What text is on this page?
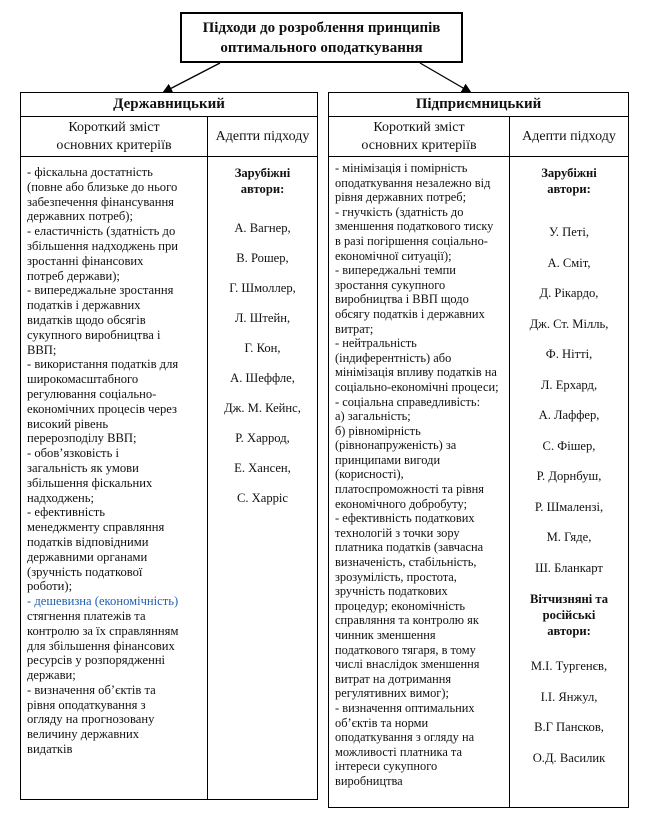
Підходи до розроблення принципів
оптимального оподаткування
Державницький
Короткий зміст
основних критеріїв
Адепти підходу
- фіскальна достатність
(повне або близьке до нього
забезпечення фінансування
державних потреб);
- еластичність (здатність до
збільшення надходжень при
зростанні фінансових
потреб держави);
- випереджальне зростання
податків і державних
видатків щодо обсягів
сукупного виробництва і
ВВП;
- використання податків для
широкомасштабного
регулювання соціально-
економічних процесів через
високий рівень
перерозподілу ВВП;
- обов’язковість і
загальність як умови
збільшення фіскальних
надходжень;
- ефективність
менеджменту справляння
податків відповідними
державними органами
(зручність податкової
роботи);
- дешевизна (економічність)
стягнення платежів та
контролю за їх справлянням
для збільшення фінансових
ресурсів у розпорядженні
держави;
- визначення об’єктів та
рівня оподаткування з
огляду на прогнозовану
величину державних
видатків
Зарубіжні
автори:
А. Вагнер,
В. Рошер,
Г. Шмоллер,
Л. Штейн,
Г. Кон,
А. Шеффле,
Дж. М. Кейнс,
Р. Харрод,
Е. Хансен,
С. Харріс
Підприємницький
Короткий зміст
основних критеріїв
Адепти підходу
- мінімізація і помірність
оподаткування незалежно від
рівня державних потреб;
- гнучкість (здатність до
зменшення податкового тиску
в разі погіршення соціально-
економічної ситуації);
- випереджальні темпи
зростання сукупного
виробництва і ВВП щодо
обсягу податків і державних
витрат;
- нейтральність
(індиферентність) або
мінімізація впливу податків на
соціально-економічні процеси;
- соціальна справедливість:
а) загальність;
б) рівномірність
(рівнонапруженість) за
принципами вигоди
(корисності),
платоспроможності та рівня
економічного добробуту;
- ефективність податкових
технологій з точки зору
платника податків (завчасна
визначеність, стабільність,
зрозумілість, простота,
зручність податкових
процедур; економічність
справляння та контролю як
чинник зменшення
податкового тягаря, в тому
числі внаслідок зменшення
витрат на дотримання
регулятивних вимог);
- визначення оптимальних
об’єктів та норми
оподаткування з огляду на
можливості платника та
інтереси сукупного
виробництва
Зарубіжні
автори:
У. Петі,
А. Сміт,
Д. Рікардо,
Дж. Ст. Мілль,
Ф. Нітті,
Л. Ерхард,
А. Лаффер,
С. Фішер,
Р. Дорнбуш,
Р. Шмалензі,
М. Гяде,
Ш. Бланкарт
Вітчизняні та
російські
автори:
М.І. Тургенєв,
І.І. Янжул,
В.Г Пансков,
О.Д. Василик
